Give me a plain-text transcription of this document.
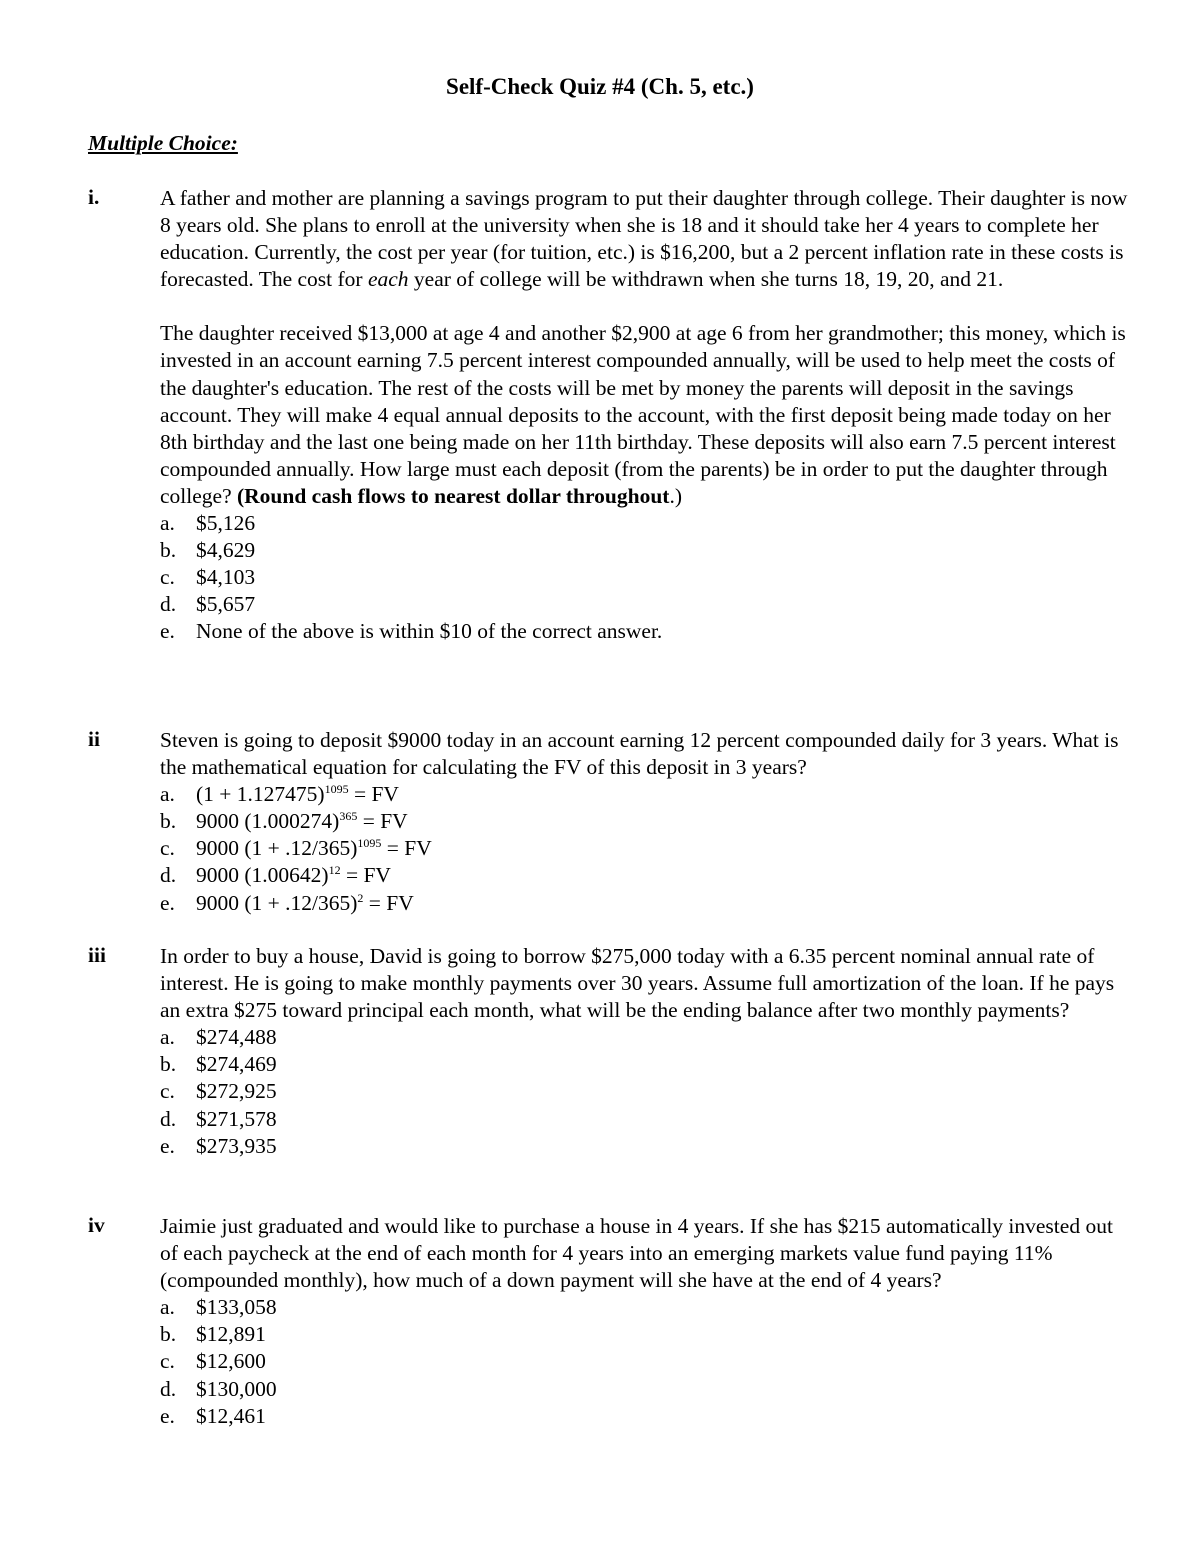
Self-Check Quiz #4 (Ch. 5, etc.)
Multiple Choice:
i.	A father and mother are planning a savings program to put their daughter through college. Their daughter is now 8 years old. She plans to enroll at the university when she is 18 and it should take her 4 years to complete her education. Currently, the cost per year (for tuition, etc.) is $16,200, but a 2 percent inflation rate in these costs is forecasted. The cost for each year of college will be withdrawn when she turns 18, 19, 20, and 21.

The daughter received $13,000 at age 4 and another $2,900 at age 6 from her grandmother; this money, which is invested in an account earning 7.5 percent interest compounded annually, will be used to help meet the costs of the daughter's education. The rest of the costs will be met by money the parents will deposit in the savings account. They will make 4 equal annual deposits to the account, with the first deposit being made today on her 8th birthday and the last one being made on her 11th birthday. These deposits will also earn 7.5 percent interest compounded annually. How large must each deposit (from the parents) be in order to put the daughter through college? (Round cash flows to nearest dollar throughout.)

a. $5,126
b. $4,629
c. $4,103
d. $5,657
e. None of the above is within $10 of the correct answer.
ii	Steven is going to deposit $9000 today in an account earning 12 percent compounded daily for 3 years. What is the mathematical equation for calculating the FV of this deposit in 3 years?

a. $(1 + 1.127475)^{1095}$ = FV
b. 9000 $(1.000274)^{365}$ = FV
c. 9000 $(1 + .12/365)^{1095}$ = FV
d. 9000 $(1.00642)^{12}$ = FV
e. 9000 $(1 + .12/365)^2$ = FV
iii	In order to buy a house, David is going to borrow $275,000 today with a 6.35 percent nominal annual rate of interest. He is going to make monthly payments over 30 years. Assume full amortization of the loan. If he pays an extra $275 toward principal each month, what will be the ending balance after two monthly payments?

a. $274,488
b. $274,469
c. $272,925
d. $271,578
e. $273,935
iv	Jaimie just graduated and would like to purchase a house in 4 years. If she has $215 automatically invested out of each paycheck at the end of each month for 4 years into an emerging markets value fund paying 11% (compounded monthly), how much of a down payment will she have at the end of 4 years?

a. $133,058
b. $12,891
c. $12,600
d. $130,000
e. $12,461
